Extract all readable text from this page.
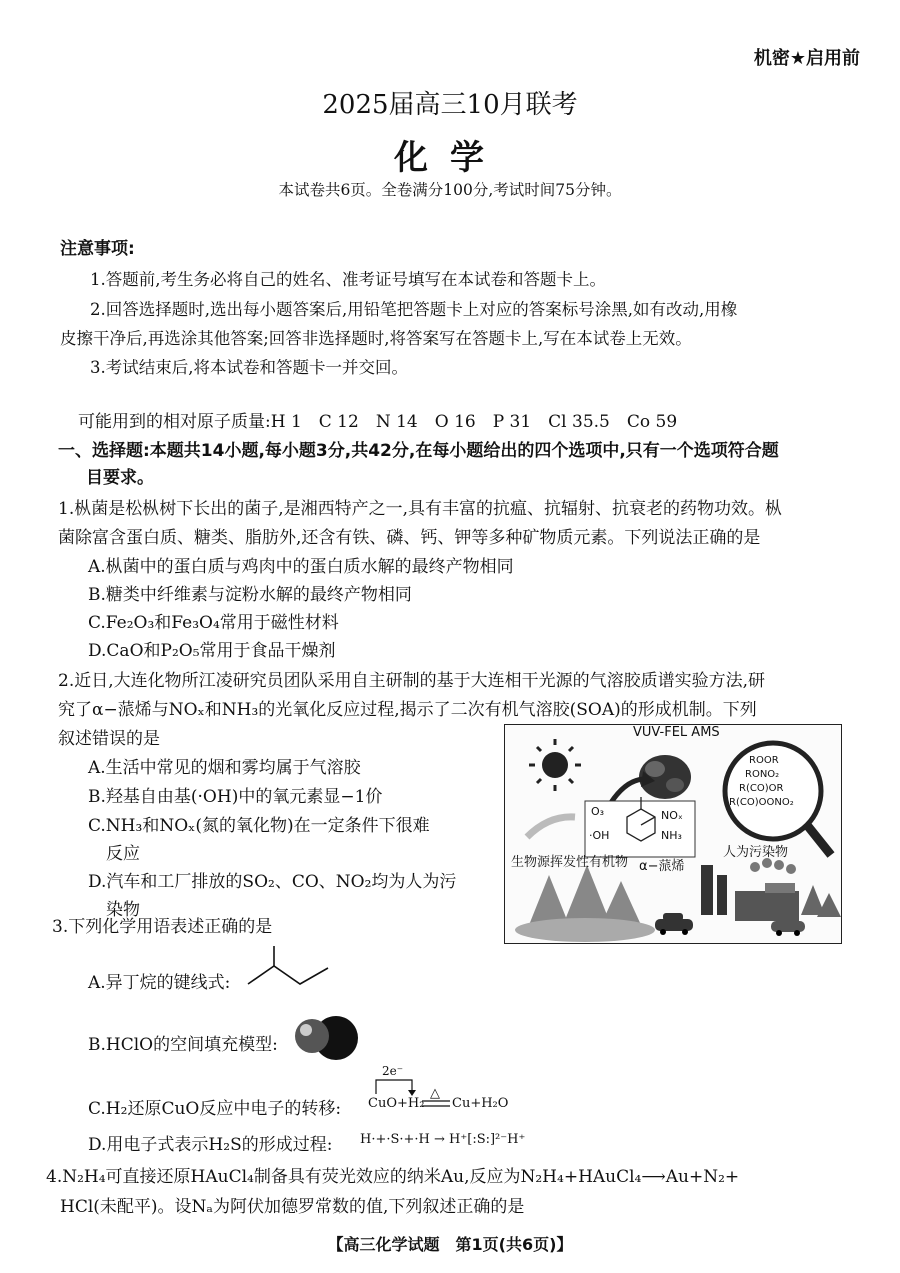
机密★启用前
2025届高三10月联考
化学
本试卷共6页。全卷满分100分,考试时间75分钟。
注意事项:
1.答题前,考生务必将自己的姓名、准考证号填写在本试卷和答题卡上。
2.回答选择题时,选出每小题答案后,用铅笔把答题卡上对应的答案标号涂黑,如有改动,用橡
皮擦干净后,再选涂其他答案;回答非选择题时,将答案写在答题卡上,写在本试卷上无效。
3.考试结束后,将本试卷和答题卡一并交回。
可能用到的相对原子质量:H 1　C 12　N 14　O 16　P 31　Cl 35.5　Co 59
一、选择题:本题共14小题,每小题3分,共42分,在每小题给出的四个选项中,只有一个选项符合题
目要求。
1.枞菌是松枞树下长出的菌子,是湘西特产之一,具有丰富的抗瘟、抗辐射、抗衰老的药物功效。枞
菌除富含蛋白质、糖类、脂肪外,还含有铁、磷、钙、钾等多种矿物质元素。下列说法正确的是
A.枞菌中的蛋白质与鸡肉中的蛋白质水解的最终产物相同
B.糖类中纤维素与淀粉水解的最终产物相同
C.Fe₂O₃和Fe₃O₄常用于磁性材料
D.CaO和P₂O₅常用于食品干燥剂
2.近日,大连化物所江凌研究员团队采用自主研制的基于大连相干光源的气溶胶质谱实验方法,研
究了α−蒎烯与NOₓ和NH₃的光氧化反应过程,揭示了二次有机气溶胶(SOA)的形成机制。下列
叙述错误的是
A.生活中常见的烟和雾均属于气溶胶
B.羟基自由基(·OH)中的氧元素显−1价
C.NH₃和NOₓ(氮的氧化物)在一定条件下很难
反应
D.汽车和工厂排放的SO₂、CO、NO₂均为人为污
染物
VUV-FEL AMS
ROOR
RONO₂
R(CO)OR
R(CO)OONO₂
O₃
·OH
NOₓ
NH₃
生物源挥发性有机物 α−蒎烯
人为污染物
3.下列化学用语表述正确的是
A.异丁烷的键线式:
B.HClO的空间填充模型:
C.H₂还原CuO反应中电子的转移: CuO+H₂
2e⁻
△
Cu+H₂O
D.用电子式表示H₂S的形成过程: H·+·S·+·H → H⁺[:S:]²⁻H⁺
4.N₂H₄可直接还原HAuCl₄制备具有荧光效应的纳米Au,反应为N₂H₄+HAuCl₄⟶Au+N₂+
HCl(未配平)。设Nₐ为阿伏加德罗常数的值,下列叙述正确的是
【高三化学试题　第1页(共6页)】
